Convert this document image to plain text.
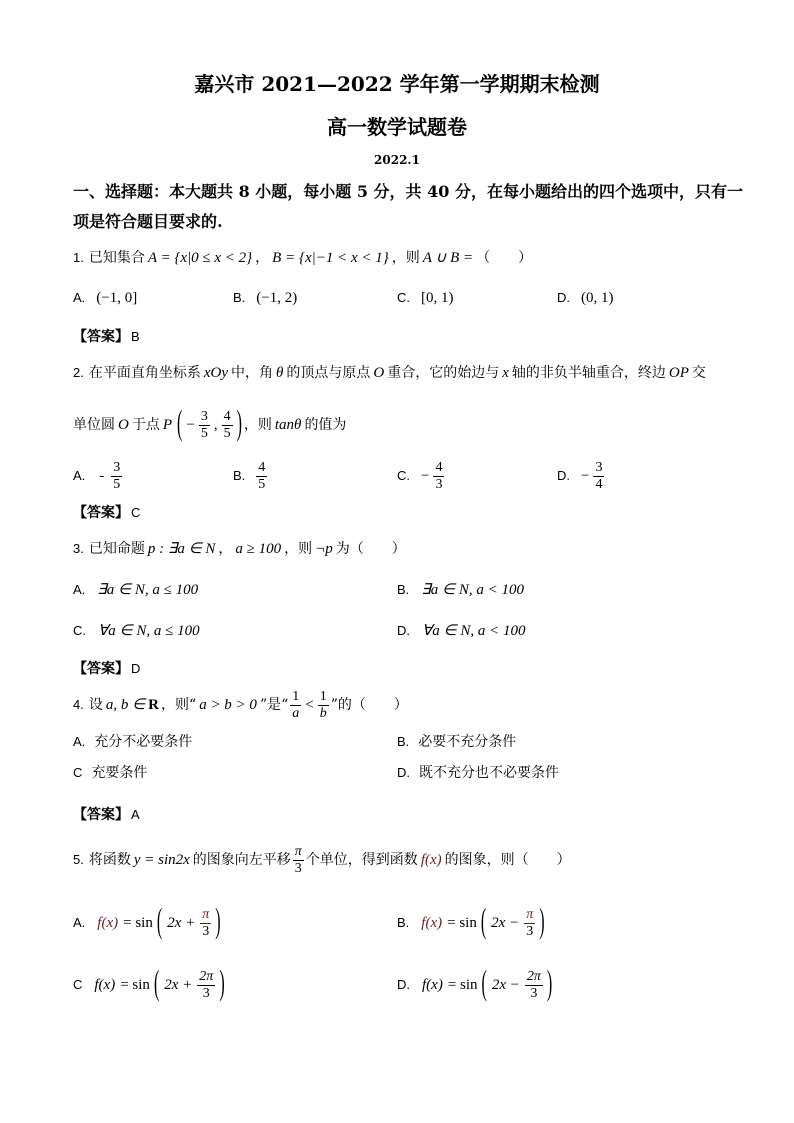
嘉兴市 2021—2022 学年第一学期期末检测
高一数学试题卷
2022.1
一、选择题：本大题共 8 小题，每小题 5 分，共 40 分，在每小题给出的四个选项中，只有一
项是符合题目要求的.
1. 已知集合 A = {x|0 ≤ x < 2} ， B = {x|−1 < x < 1} ，则 A ∪ B = （　　）
A. (−1, 0]	B. (−1, 2)	C. [0, 1)	D. (0, 1)
【答案】 B
2. 在平面直角坐标系 xOy 中，角 θ 的顶点与原点 O 重合，它的始边与 x 轴的非负半轴重合，终边 OP 交
单位圆 O 于点 P ( − $\frac{3}{5}$ , $\frac{4}{5}$ ) ，则 tanθ 的值为
A. - $\frac{3}{5}$	B. $\frac{4}{5}$	C. − $\frac{4}{3}$	D. − $\frac{3}{4}$
【答案】 C
3. 已知命题 p : ∃a ∈ N ， a ≥ 100 ，则 ¬p 为（　　）
A. ∃a ∈ N, a ≤ 100	B. ∃a ∈ N, a < 100
C. ∀a ∈ N, a ≤ 100	D. ∀a ∈ N, a < 100
【答案】 D
4. 设 a, b ∈ R ，则“ a > b > 0 ”是“ $\frac{1}{a} < \frac{1}{b}$ ”的（　　）
A. 充分不必要条件	B. 必要不充分条件
C 充要条件	D. 既不充分也不必要条件
【答案】 A
5. 将函数 y = sin2x 的图象向左平移 $\frac{\pi}{3}$ 个单位，得到函数 f(x) 的图象，则（　　）
A. f(x) = sin ( $2x + \frac{\pi}{3}$ )	B. f(x) = sin ( $2x - \frac{\pi}{3}$ )
C f(x) = sin ( $2x + \frac{2\pi}{3}$ )	D. f(x) = sin ( $2x - \frac{2\pi}{3}$ )
